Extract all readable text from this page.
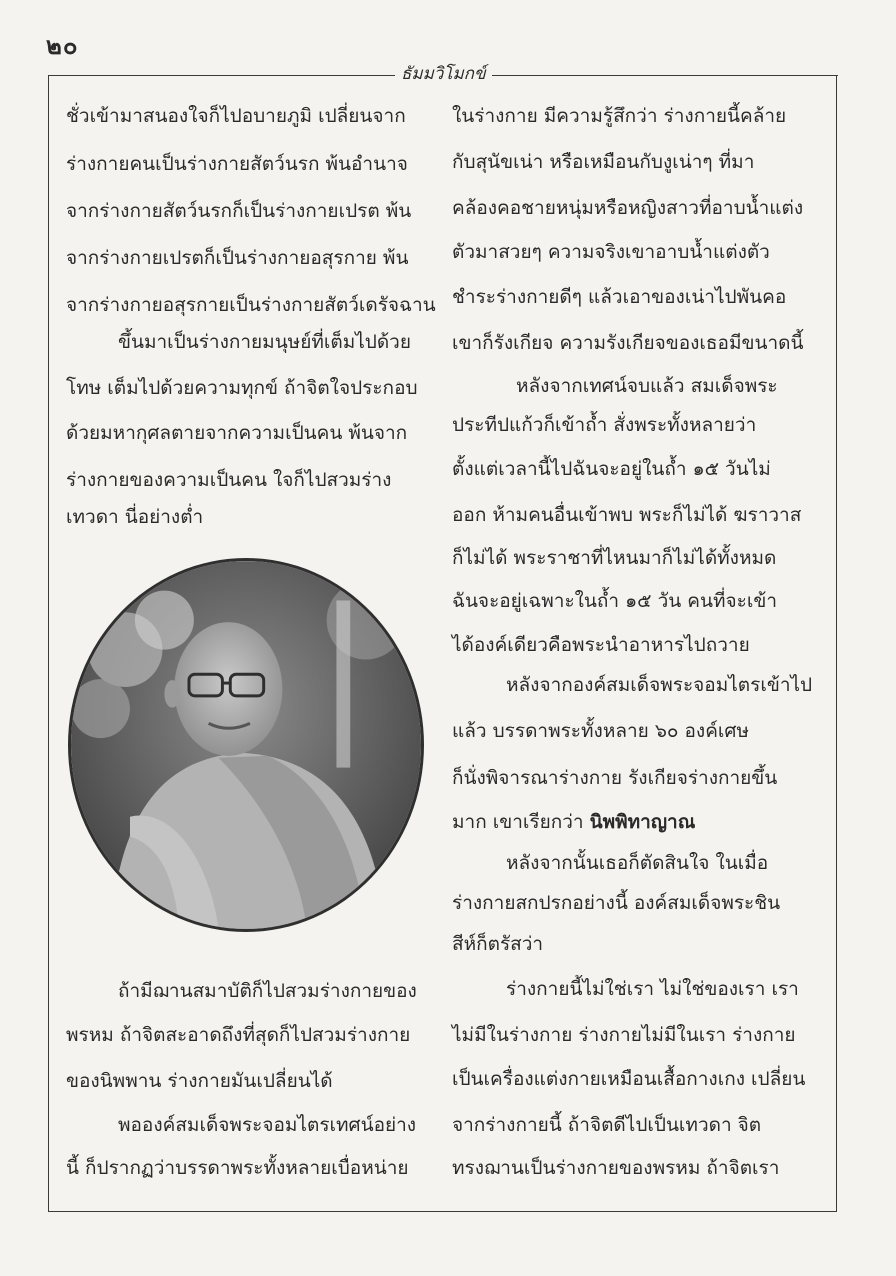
๒๐
ธัมมวิโมกข์
ชั่วเข้ามาสนองใจก็ไปอบายภูมิ เปลี่ยนจาก
ร่างกายคนเป็นร่างกายสัตว์นรก พ้นอำนาจ
จากร่างกายสัตว์นรกก็เป็นร่างกายเปรต พ้น
จากร่างกายเปรตก็เป็นร่างกายอสุรกาย พ้น
จากร่างกายอสุรกายเป็นร่างกายสัตว์เดรัจฉาน
ขึ้นมาเป็นร่างกายมนุษย์ที่เต็มไปด้วย
โทษ เต็มไปด้วยความทุกข์ ถ้าจิตใจประกอบ
ด้วยมหากุศลตายจากความเป็นคน พ้นจาก
ร่างกายของความเป็นคน ใจก็ไปสวมร่าง
เทวดา นี่อย่างต่ำ
ถ้ามีฌานสมาบัติก็ไปสวมร่างกายของ
พรหม ถ้าจิตสะอาดถึงที่สุดก็ไปสวมร่างกาย
ของนิพพาน ร่างกายมันเปลี่ยนได้
พอองค์สมเด็จพระจอมไตรเทศน์อย่าง
นี้ ก็ปรากฏว่าบรรดาพระทั้งหลายเบื่อหน่าย
ในร่างกาย มีความรู้สึกว่า ร่างกายนี้คล้าย
กับสุนัขเน่า หรือเหมือนกับงูเน่าๆ ที่มา
คล้องคอชายหนุ่มหรือหญิงสาวที่อาบน้ำแต่ง
ตัวมาสวยๆ ความจริงเขาอาบน้ำแต่งตัว
ชำระร่างกายดีๆ แล้วเอาของเน่าไปพันคอ
เขาก็รังเกียจ ความรังเกียจของเธอมีขนาดนี้
หลังจากเทศน์จบแล้ว สมเด็จพระ
ประทีปแก้วก็เข้าถ้ำ สั่งพระทั้งหลายว่า
ตั้งแต่เวลานี้ไปฉันจะอยู่ในถ้ำ ๑๕ วันไม่
ออก ห้ามคนอื่นเข้าพบ พระก็ไม่ได้ ฆราวาส
ก็ไม่ได้ พระราชาที่ไหนมาก็ไม่ได้ทั้งหมด
ฉันจะอยู่เฉพาะในถ้ำ ๑๕ วัน คนที่จะเข้า
ได้องค์เดียวคือพระนำอาหารไปถวาย
หลังจากองค์สมเด็จพระจอมไตรเข้าไป
แล้ว บรรดาพระทั้งหลาย ๖๐ องค์เศษ
ก็นั่งพิจารณาร่างกาย รังเกียจร่างกายขึ้น
มาก เขาเรียกว่า นิพพิทาญาณ
หลังจากนั้นเธอก็ตัดสินใจ ในเมื่อ
ร่างกายสกปรกอย่างนี้ องค์สมเด็จพระชิน
สีห์ก็ตรัสว่า
ร่างกายนี้ไม่ใช่เรา ไม่ใช่ของเรา เรา
ไม่มีในร่างกาย ร่างกายไม่มีในเรา ร่างกาย
เป็นเครื่องแต่งกายเหมือนเสื้อกางเกง เปลี่ยน
จากร่างกายนี้ ถ้าจิตดีไปเป็นเทวดา จิต
ทรงฌานเป็นร่างกายของพรหม ถ้าจิตเรา
